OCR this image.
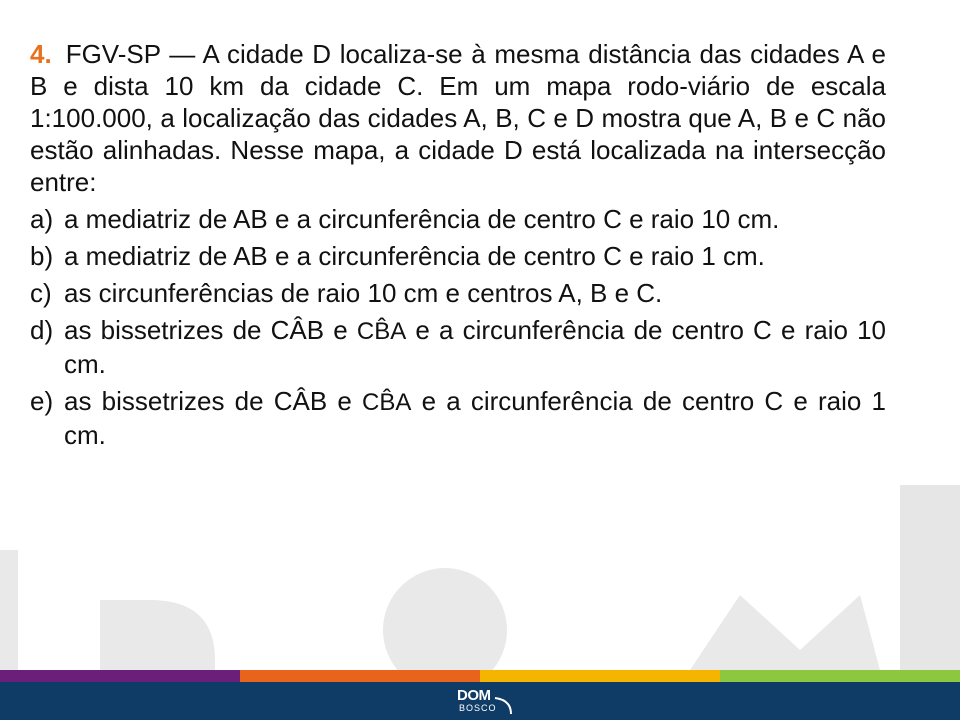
4. FGV-SP — A cidade D localiza-se à mesma distância das cidades A e B e dista 10 km da cidade C. Em um mapa rodo-viário de escala 1:100.000, a localização das cidades A, B, C e D mostra que A, B e C não estão alinhadas. Nesse mapa, a cidade D está localizada na intersecção entre:

a) a mediatriz de AB e a circunferência de centro C e raio 10 cm.
b) a mediatriz de AB e a circunferência de centro C e raio 1 cm.
c) as circunferências de raio 10 cm e centros A, B e C.
d) as bissetrizes de CÂB e CB̂A e a circunferência de centro C e raio 10 cm.
e) as bissetrizes de CÂB e CB̂A e a circunferência de centro C e raio 1 cm.
DOM
BOSCO
